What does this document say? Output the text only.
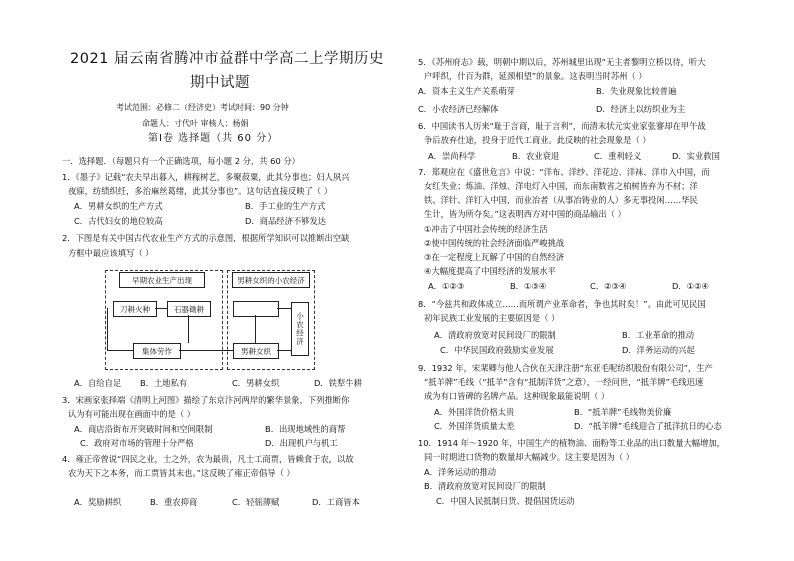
2021 届云南省腾冲市益群中学高二上学期历史
期中试题
考试范围：必修二（经济史）考试时间：90 分钟
命题人：寸代叶 审核人：杨娟
第Ⅰ卷 选择题（共 60 分）
一．选择题．（每题只有一个正确选项，每小题 2 分，共 60 分）
1．《墨子》记载“农夫早出暮入，耕稼树艺，多聚菽粟，此其分事也；妇人夙兴
夜寐，纺绩织纴，多治麻丝葛绪，此其分事也”。这句话直接反映了（ ）
A．男耕女织的生产方式	B．手工业的生产方式
C．古代妇女的地位较高	D．商品经济不够发达
2．下图是有关中国古代农业生产方式的示意图，根据所学知识可以推断出空缺
方框中最应该填写（ ）
早期农业生产出现
刀耕火种	石器锄耕
集体劳作
男耕女织的小农经济
男耕女织
小农经济
A．自给自足 B．土地私有	C．男耕女织	D．铁犁牛耕
3．宋画家张择端《清明上河图》描绘了东京汴河两岸的繁华景象，下列推断你
认为有可能出现在画面中的是（ ）
A．商店沿街布开突破时间和空间限制	B．出现地域性的商帮
C．政府对市场的管理十分严格	D．出现机户与机工
4．雍正帝曾说“四民之业，士之外，农为最贵，凡士工商贾，皆赖食于农，以故
农为天下之本务，而工贾皆其末也。”这反映了雍正帝倡导（ ）
A．奖励耕织	B．重农抑商	C．轻徭薄赋	D．工商皆本
5．《苏州府志》载，明朝中期以后，苏州城里出现“无主者黎明立桥以待，听大
户呼织，什百为群，延颈相望”的景象。这表明当时苏州（ ）
A．资本主义生产关系萌芽	B．失业现象比较普遍
C．小农经济已经解体	D．经济上以纺织业为主
6．中国读书人历来“耻于言商，耻于言利”，而清末状元实业家张謇却在甲午战
争后放弃仕途，投身于近代工商业。此反映的社会现象是（ ）
A．崇尚科学	B．农业衰退	C．重利轻义	D．实业救国
7．郑观应在《盛世危言》中说：“洋布、洋纱、洋花边、洋袜、洋巾入中国，而
女红失业；炼油、洋烛、洋电灯入中国，而东南数省之柏树皆弃为不材；洋
铁、洋针、洋钉入中国，而业冶者（从事冶铸业的人）多无事投闲……华民
生计，皆为所夺矣。”这表明西方对中国的商品输出（ ）
①冲击了中国社会传统的经济生活
②使中国传统的社会经济面临严峻挑战
③在一定程度上瓦解了中国的自然经济
④大幅度提高了中国经济的发展水平
A．①②③	B．①③④	C．②③④	D．①②④
8．“今兹共和政体成立……而所谓产业革命者，争也其时矣！”。由此可见民国
初年民族工业发展的主要原因是（ ）
A．清政府放宽对民间设厂的限制	B．工业革命的推动
C．中华民国政府鼓励实业发展	D．洋务运动的兴起
9．1932 年，宋棐卿与他人合伙在天津注册“东亚毛呢纺织股份有限公司”，生产
“抵羊牌”毛线（“抵羊”含有“抵制洋货”之意），一经问世，“抵羊牌”毛线迅速
成为有口皆碑的名牌产品。这种现象最能说明（ ）
A．外国洋货价格太贵	B．“抵羊牌”毛线物美价廉
C．外国洋货质量太差	D．“抵羊牌”毛线迎合了抵洋抗日的心态
10．1914 年～1920 年，中国生产的植物油、面粉等工业品的出口数量大幅增加，
同一时期进口货物的数量却大幅减少。这主要是因为（ ）
A．洋务运动的推动
B．清政府放宽对民间设厂的限制
C．中国人民抵制日货、提倡国货运动
